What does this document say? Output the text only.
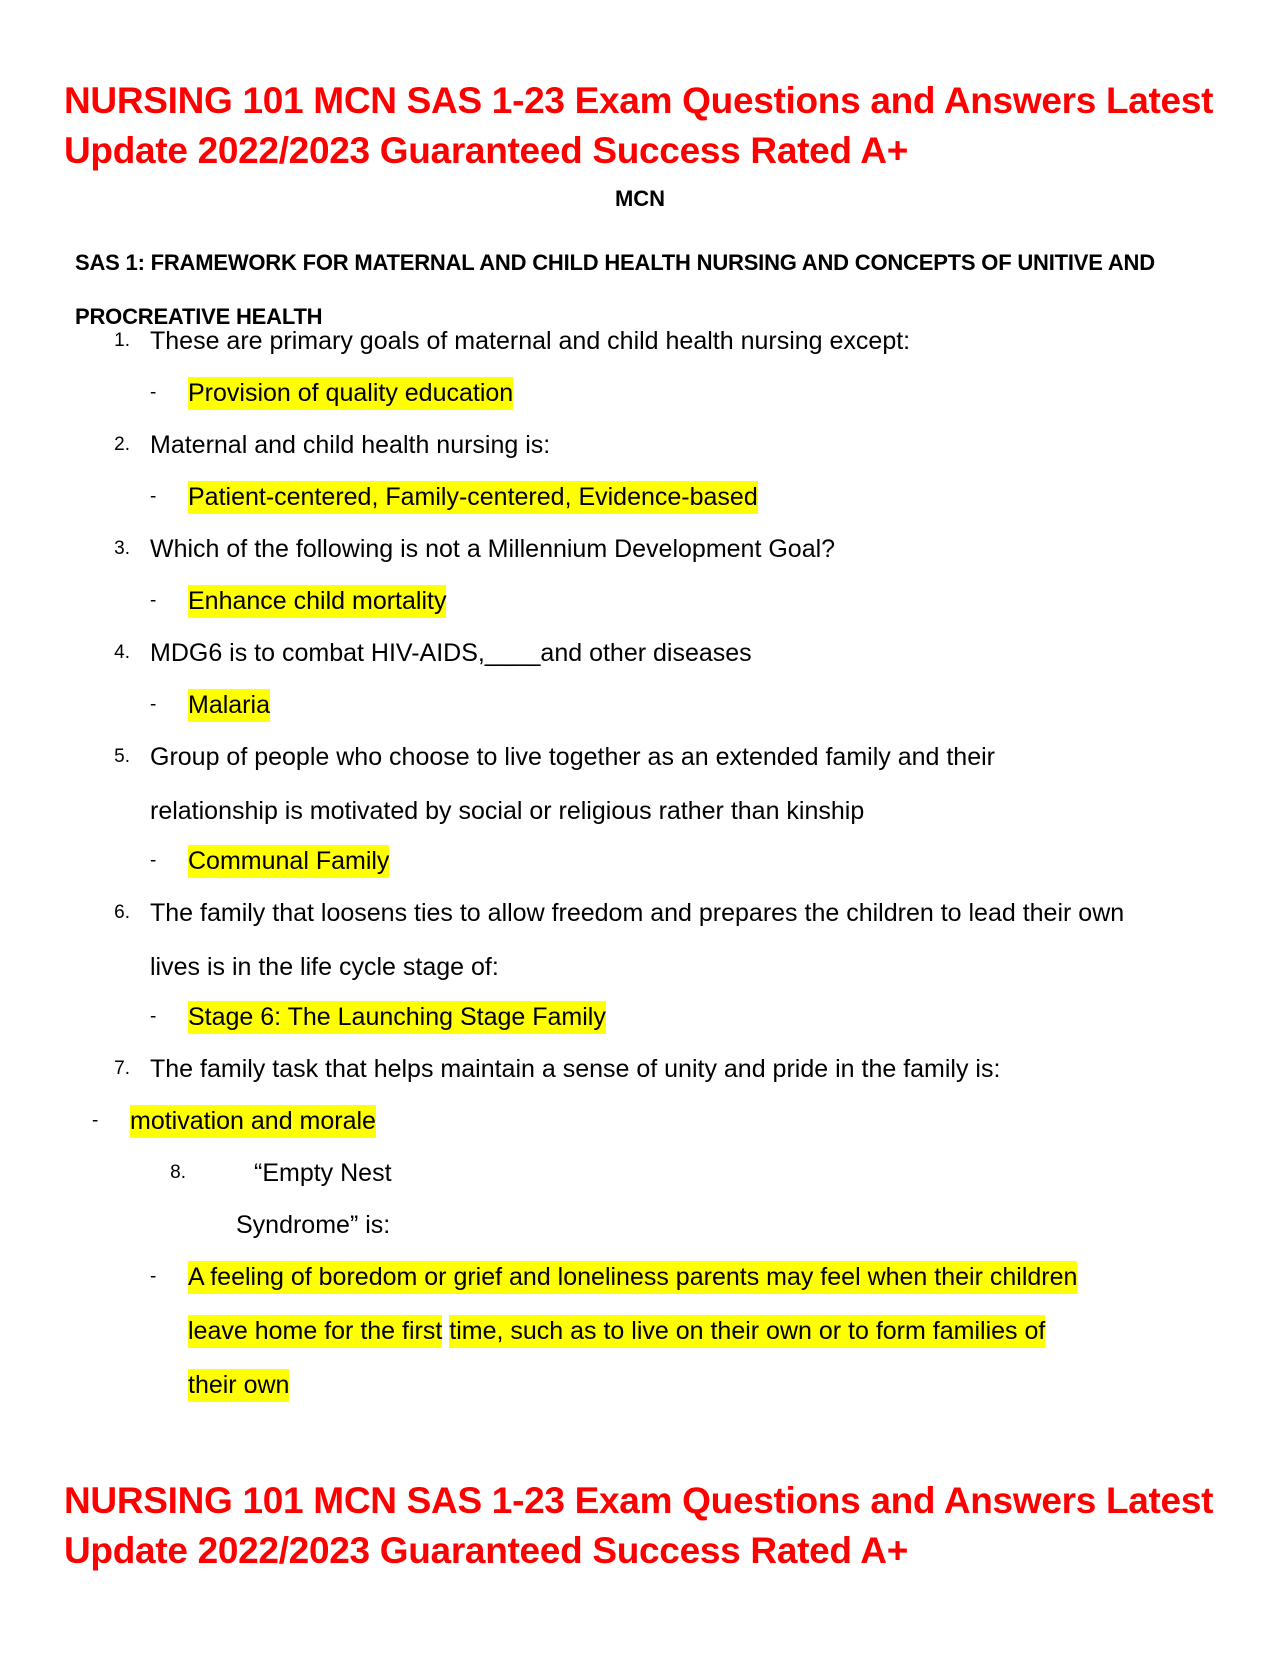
NURSING 101 MCN SAS 1-23 Exam Questions and Answers Latest Update 2022/2023 Guaranteed Success Rated A+
MCN
SAS 1: FRAMEWORK FOR MATERNAL AND CHILD HEALTH NURSING AND CONCEPTS OF UNITIVE AND PROCREATIVE HEALTH
1. These are primary goals of maternal and child health nursing except:
- Provision of quality education
2. Maternal and child health nursing is:
- Patient-centered, Family-centered, Evidence-based
3. Which of the following is not a Millennium Development Goal?
- Enhance child mortality
4. MDG6 is to combat HIV-AIDS,____and other diseases
- Malaria
5. Group of people who choose to live together as an extended family and their relationship is motivated by social or religious rather than kinship
- Communal Family
6. The family that loosens ties to allow freedom and prepares the children to lead their own lives is in the life cycle stage of:
- Stage 6: The Launching Stage Family
7. The family task that helps maintain a sense of unity and pride in the family is:
- motivation and morale
8.	“Empty Nest
Syndrome” is:
- A feeling of boredom or grief and loneliness parents may feel when their children
leave home for the first time, such as to live on their own or to form families of
their own
NURSING 101 MCN SAS 1-23 Exam Questions and Answers Latest Update 2022/2023 Guaranteed Success Rated A+
